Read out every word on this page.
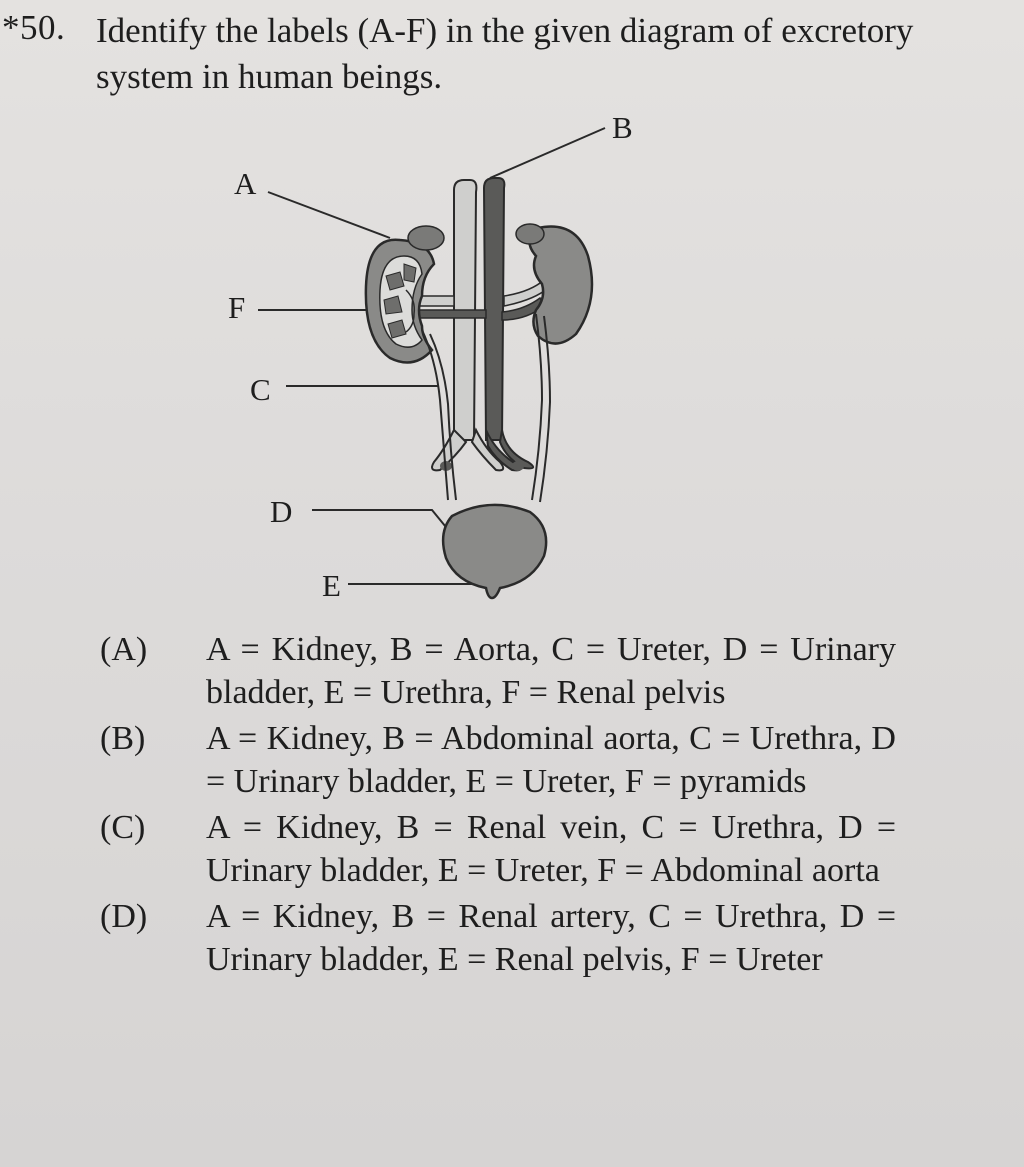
*50. Identify the labels (A-F) in the given diagram of excretory system in human beings.
A
B
F
C
D
E
(A)	A = Kidney, B = Aorta, C = Ureter, D = Urinary bladder, E = Urethra, F = Renal pelvis
(B)	A = Kidney, B = Abdominal aorta, C = Urethra, D = Urinary bladder, E = Ureter, F = pyramids
(C)	A = Kidney, B = Renal vein, C = Urethra, D = Urinary bladder, E = Ureter, F = Abdominal aorta
(D)	A = Kidney, B = Renal artery, C = Urethra, D = Urinary bladder, E = Renal pelvis, F = Ureter
